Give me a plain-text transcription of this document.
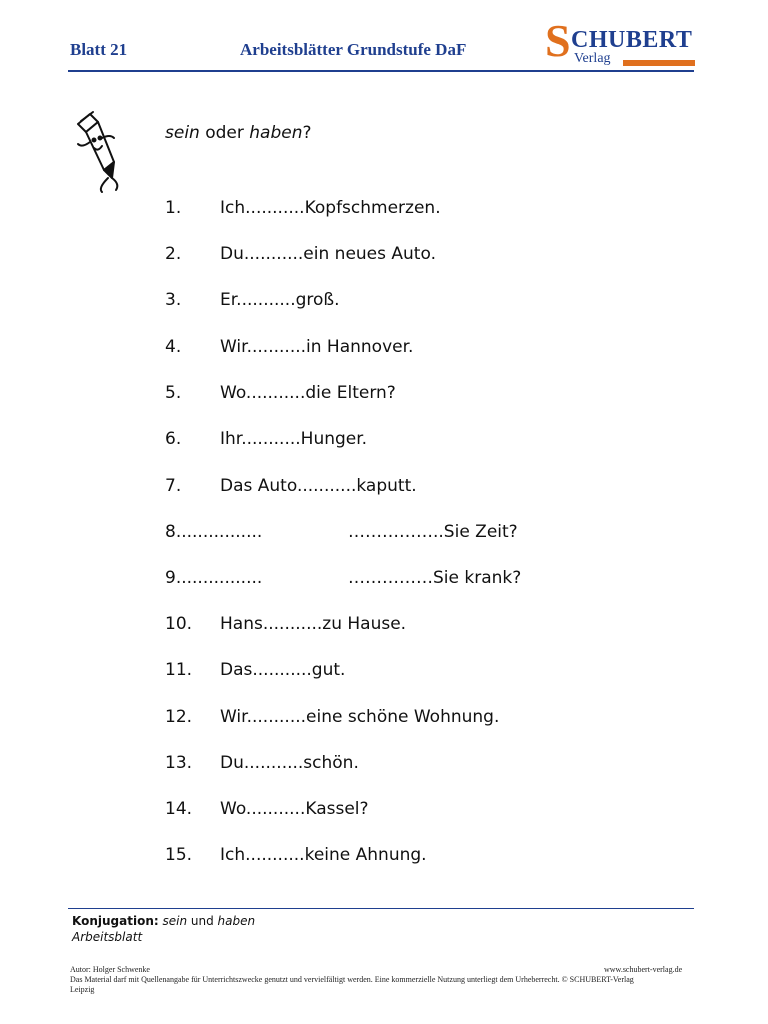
Blatt 21	Arbeitsblätter Grundstufe DaF S CHUBERT
Verlag
sein oder haben?
1. Ich...........Kopfschmerzen.
2. Du...........ein neues Auto.
3. Er...........groß.
4. Wir...........in Hannover.
5. Wo...........die Eltern?
6. Ihr...........Hunger.
7. Das Auto...........kaputt.
8................	……………..Sie Zeit?
9................	……………Sie krank?
10. Hans...........zu Hause.
11. Das...........gut.
12. Wir...........eine schöne Wohnung.
13. Du...........schön.
14. Wo...........Kassel?
15. Ich...........keine Ahnung.
Konjugation: sein und haben
Arbeitsblatt
Autor: Holger Schwenke	www.schubert-verlag.de
Das Material darf mit Quellenangabe für Unterrichtszwecke genutzt und vervielfältigt werden. Eine kommerzielle Nutzung unterliegt dem Urheberrecht. © SCHUBERT-Verlag
Leipzig
